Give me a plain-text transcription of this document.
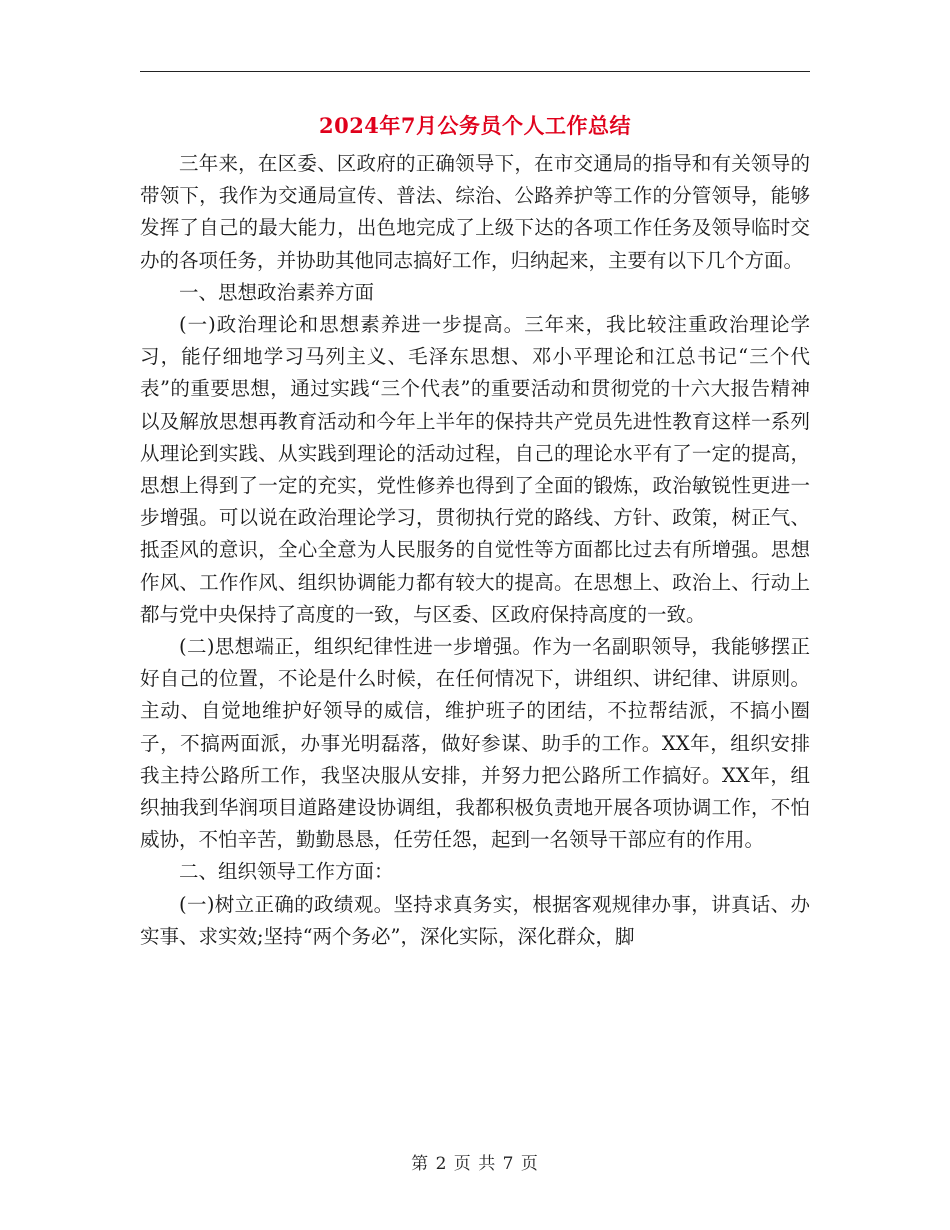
2024年7月公务员个人工作总结

三年来，在区委、区政府的正确领导下，在市交通局的指导和有关领导的带领下，我作为交通局宣传、普法、综治、公路养护等工作的分管领导，能够发挥了自己的最大能力，出色地完成了上级下达的各项工作任务及领导临时交办的各项任务，并协助其他同志搞好工作，归纳起来，主要有以下几个方面。

一、思想政治素养方面

(一)政治理论和思想素养进一步提高。三年来，我比较注重政治理论学习，能仔细地学习马列主义、毛泽东思想、邓小平理论和江总书记“三个代表”的重要思想，通过实践“三个代表”的重要活动和贯彻党的十六大报告精神以及解放思想再教育活动和今年上半年的保持共产党员先进性教育这样一系列从理论到实践、从实践到理论的活动过程，自己的理论水平有了一定的提高，思想上得到了一定的充实，党性修养也得到了全面的锻炼，政治敏锐性更进一步增强。可以说在政治理论学习，贯彻执行党的路线、方针、政策，树正气、抵歪风的意识，全心全意为人民服务的自觉性等方面都比过去有所增强。思想作风、工作作风、组织协调能力都有较大的提高。在思想上、政治上、行动上都与党中央保持了高度的一致，与区委、区政府保持高度的一致。

(二)思想端正，组织纪律性进一步增强。作为一名副职领导，我能够摆正好自己的位置，不论是什么时候，在任何情况下，讲组织、讲纪律、讲原则。主动、自觉地维护好领导的威信，维护班子的团结，不拉帮结派，不搞小圈子，不搞两面派，办事光明磊落，做好参谋、助手的工作。XX年，组织安排我主持公路所工作，我坚决服从安排，并努力把公路所工作搞好。XX年，组织抽我到华润项目道路建设协调组，我都积极负责地开展各项协调工作，不怕威协，不怕辛苦，勤勤恳恳，任劳任怨，起到一名领导干部应有的作用。

二、组织领导工作方面：

(一)树立正确的政绩观。坚持求真务实，根据客观规律办事，讲真话、办实事、求实效;坚持“两个务必”，深化实际，深化群众，脚

第 2 页 共 7 页
